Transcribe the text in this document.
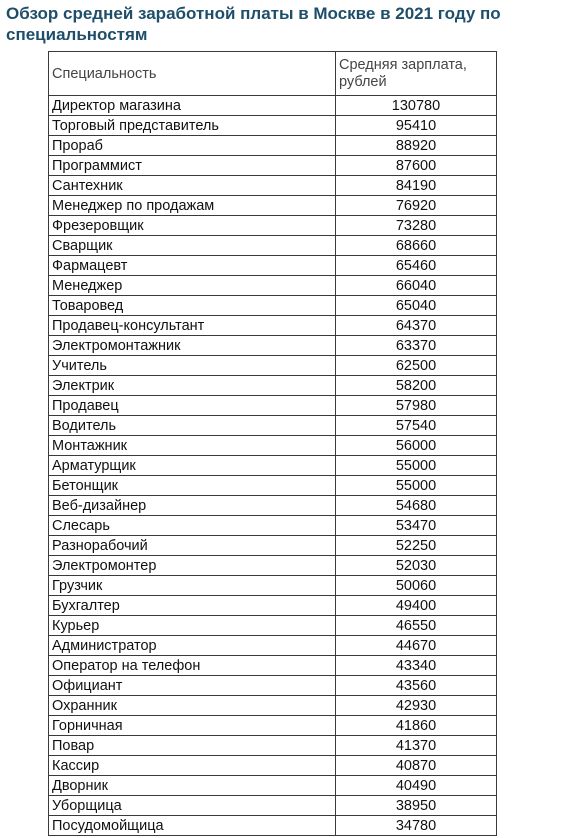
Обзор средней заработной платы в Москве в 2021 году по специальностям
Специальность	Средняя зарплата, рублей
Директор магазина	130780
Торговый представитель	95410
Прораб	88920
Программист	87600
Сантехник	84190
Менеджер по продажам	76920
Фрезеровщик	73280
Сварщик	68660
Фармацевт	65460
Менеджер	66040
Товаровед	65040
Продавец-консультант	64370
Электромонтажник	63370
Учитель	62500
Электрик	58200
Продавец	57980
Водитель	57540
Монтажник	56000
Арматурщик	55000
Бетонщик	55000
Веб-дизайнер	54680
Слесарь	53470
Разнорабочий	52250
Электромонтер	52030
Грузчик	50060
Бухгалтер	49400
Курьер	46550
Администратор	44670
Оператор на телефон	43340
Официант	43560
Охранник	42930
Горничная	41860
Повар	41370
Кассир	40870
Дворник	40490
Уборщица	38950
Посудомойщица	34780
